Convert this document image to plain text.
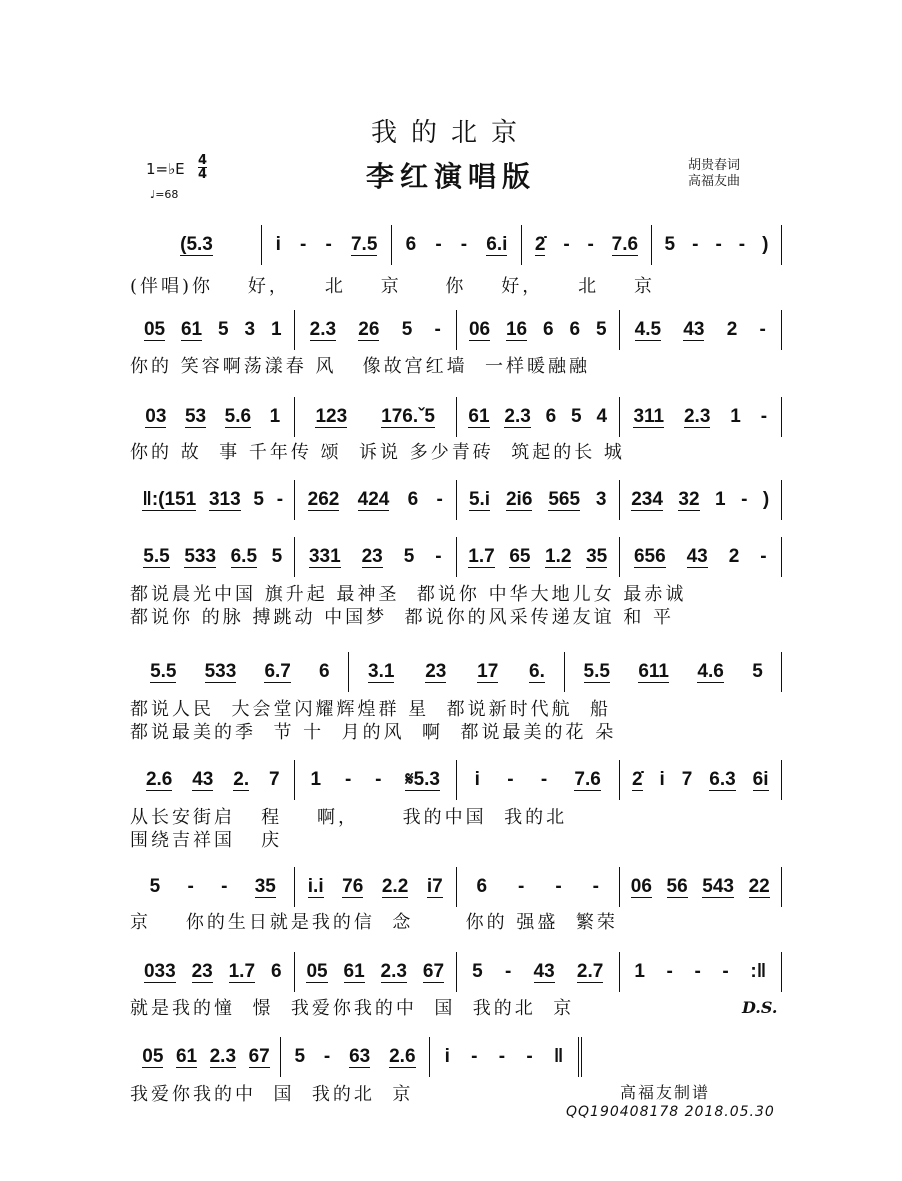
我的北京
李红演唱版
1=♭E 4
4
♩=68
胡贵春词
高福友曲
(5.3	i - - 7.5 6 - - 6.i 2̇ - - 7.6 5 - - - )
(伴唱)你    好，    北    京     你    好，    北    京
05 61 5 3 1 2.3 26 5 - 06 16 6 6 5 4.5 43 2 -
你的 笑容啊荡漾春 风   像故宫红墙  一样暖融融
03 53 5.6 1 123 176.ˇ5 61 2.3 6 5 4 311 2.3 1 -
你的 故  事 千年传 颂  诉说 多少青砖  筑起的长 城
‖:(151 313 5 - 262 424 6 - 5.i 2i6 565 3 234 32 1 - )
5.5 533 6.5 5 331 23 5 - 1.7 65 1.2 35 656 43 2 -
都说晨光中国 旗升起 最神圣  都说你 中华大地儿女 最赤诚
都说你 的脉 搏跳动 中国梦  都说你的风采传递友谊 和 平
5.5 533 6.7 6 3.1 23 17 6. 5.5 611 4.6 5
都说人民  大会堂闪耀辉煌群 星  都说新时代航  船
都说最美的季  节 十  月的风  啊  都说最美的花 朵
2.6 43 2. 7 1 - - 𝄋5.3 i - - 7.6 2̇ i 7 6.3 6i
从长安街启   程    啊，     我的中国  我的北
围绕吉祥国   庆
5 - - 35 i.i 76 2.2 i7 6 - - - 06 56 543 22
京    你的生日就是我的信  念      你的 强盛  繁荣
033 23 1.7 6 05 61 2.3 67 5 - 43 2.7 1 - - - :‖
就是我的憧  憬  我爱你我的中  国  我的北  京
05 61 2.3 67 5 - 63 2.6 i - - - ‖
我爱你我的中  国  我的北  京
D.S.
高福友制谱
QQ190408178 2018.05.30
